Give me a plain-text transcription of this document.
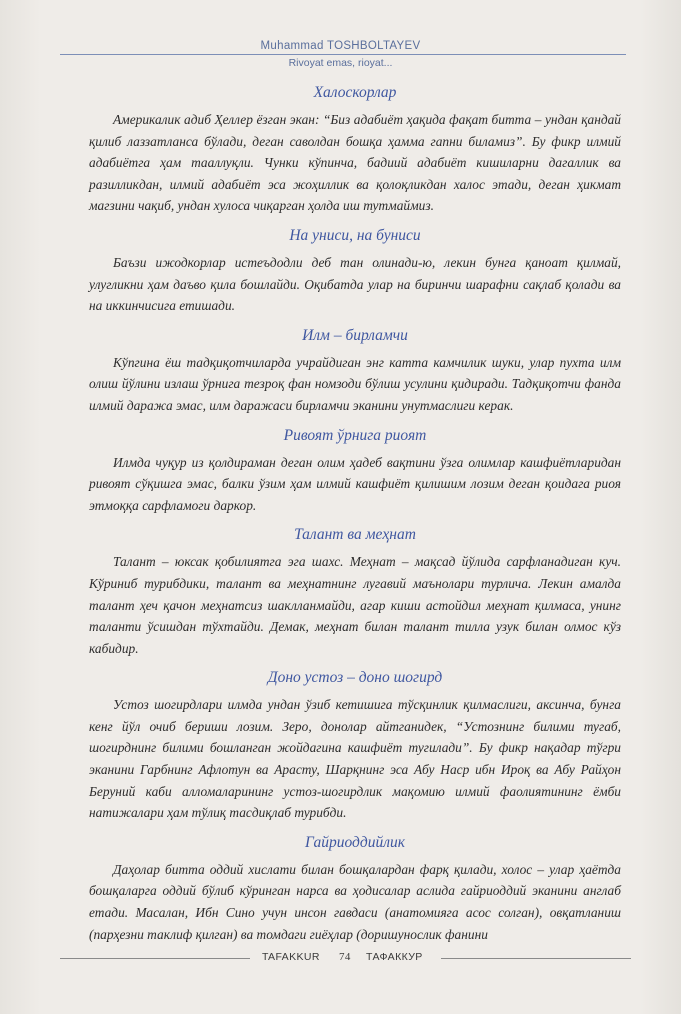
Muhammad TOSHBOLTAYEV
Rivoyat emas, rioyat...
Халоскорлар

Америкалик адиб Ҳеллер ёзган экан: “Биз адабиёт ҳақида фақат битта – ундан қандай қилиб лаззатланса бўлади, деган саволдан бошқа ҳамма гапни биламиз”. Бу фикр илмий адабиётга ҳам тааллуқли. Чунки кўпинча, бадиий адабиёт кишиларни дагаллик ва разилликдан, илмий адабиёт эса жоҳиллик ва қолоқликдан халос этади, деган ҳикмат магзини чақиб, ундан хулоса чиқарган ҳолда иш тутмаймиз.

На униси, на буниси

Баъзи ижодкорлар истеъдодли деб тан олинади-ю, лекин бунга қаноат қилмай, улугликни ҳам даъво қила бошлайди. Оқибатда улар на биринчи шарафни сақлаб қолади ва на иккинчисига етишади.

Илм – бирламчи

Кўпгина ёш тадқиқотчиларда учрайдиган энг катта камчилик шуки, улар пухта илм олиш йўлини излаш ўрнига тезроқ фан номзоди бўлиш усулини қидиради. Тадқиқотчи фанда илмий даража эмас, илм даражаси бирламчи эканини унутмаслиги керак.

Ривоят ўрнига риоят

Илмда чуқур из қолдираман деган олим ҳадеб вақтини ўзга олимлар кашфиётларидан ривоят сўқишга эмас, балки ўзим ҳам илмий кашфиёт қилишим лозим деган қоидага риоя этмоққа сарфламоги даркор.

Талант ва меҳнат

Талант – юксак қобилиятга эга шахс. Меҳнат – мақсад йўлида сарфланадиган куч. Кўриниб турибдики, талант ва меҳнатнинг лугавий маънолари турлича. Лекин амалда талант ҳеч қачон меҳнатсиз шаклланмайди, агар киши астойдил меҳнат қилмаса, унинг таланти ўсишдан тўхтайди. Демак, меҳнат билан талант тилла узук билан олмос кўз кабидир.

Доно устоз – доно шогирд

Устоз шогирдлари илмда ундан ўзиб кетишига тўсқинлик қилмаслиги, аксинча, бунга кенг йўл очиб бериши лозим. Зеро, донолар айтганидек, “Устознинг билими тугаб, шогирднинг билими бошланган жойдагина кашфиёт тугилади”. Бу фикр нақадар тўгри эканини Гарбнинг Афлотун ва Арасту, Шарқнинг эса Абу Наср ибн Ироқ ва Абу Райҳон Беруний каби алломаларининг устоз-шогирдлик мақомию илмий фаолиятининг ёмби натижалари ҳам тўлиқ тасдиқлаб турибди.

Гайриоддийлик

Даҳолар битта оддий хислати билан бошқалардан фарқ қилади, холос – улар ҳаётда бошқаларга оддий бўлиб кўринган нарса ва ҳодисалар аслида гайриоддий эканини англаб етади. Масалан, Ибн Сино учун инсон гавдаси (анатомияга асос солган), овқатланиш (парҳезни таклиф қилган) ва томдаги гиёҳлар (доришунослик фанини

TAFAKKUR 74 ТАФАККУР
